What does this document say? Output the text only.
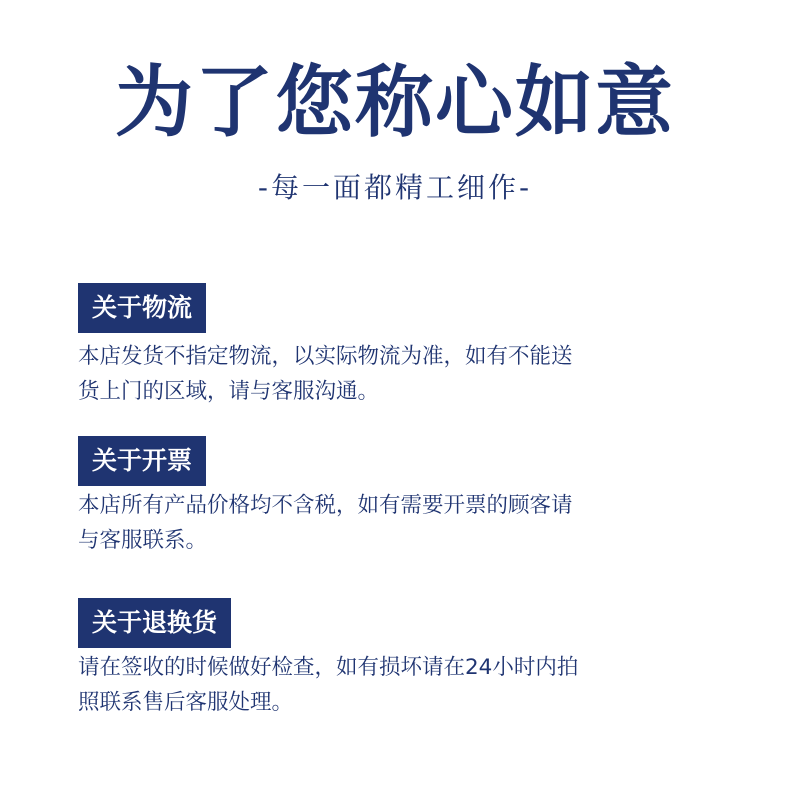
为了您称心如意
-每一面都精工细作-
关于物流
本店发货不指定物流，以实际物流为准，如有不能送
货上门的区域，请与客服沟通。
关于开票
本店所有产品价格均不含税，如有需要开票的顾客请
与客服联系。
关于退换货
请在签收的时候做好检查，如有损坏请在24小时内拍
照联系售后客服处理。
